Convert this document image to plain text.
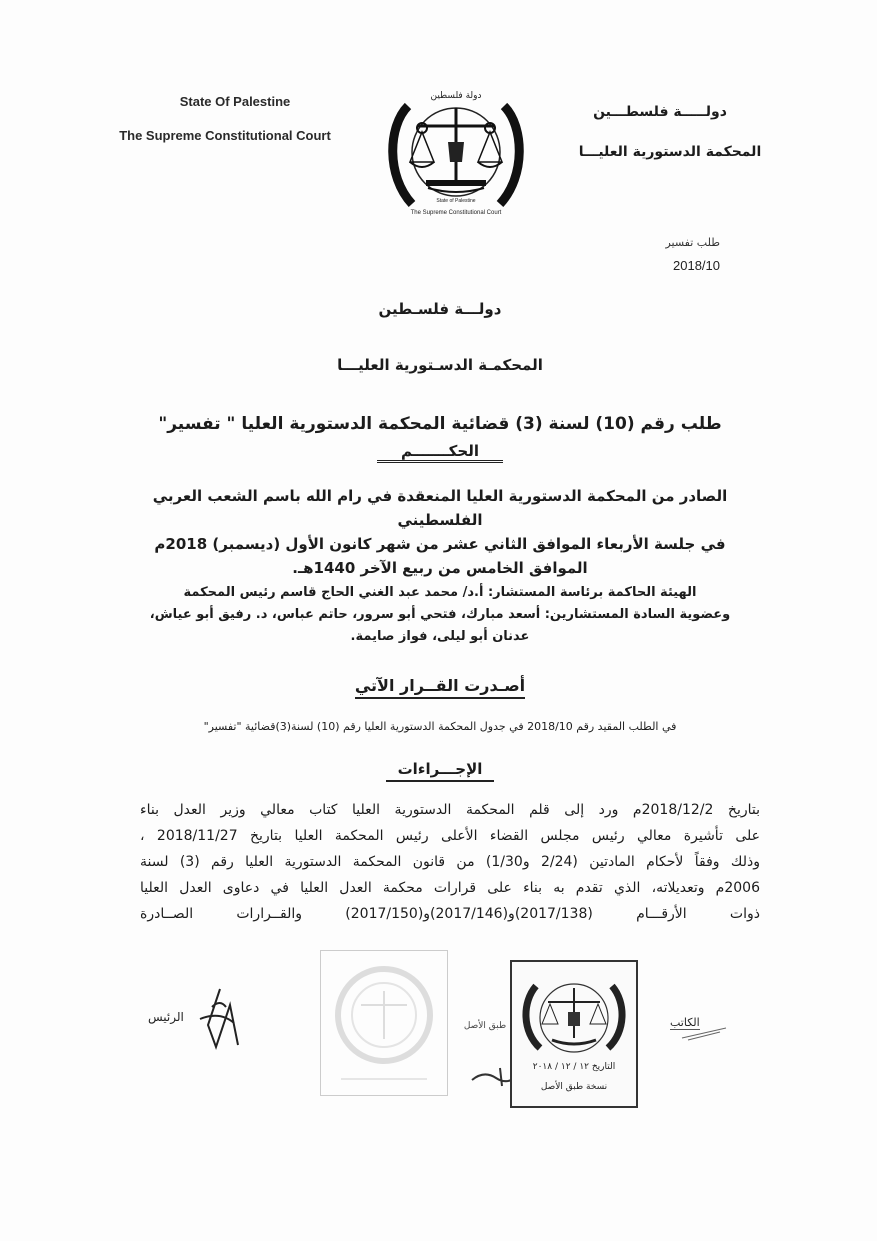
State Of Palestine
The Supreme Constitutional Court
دولة فلسطين
State of Palestine
The Supreme Constitutional Court
دولـــــة فلسطـــين
المحكمة الدستورية العليـــا
طلب تفسير
2018/10
دولـــة فلسـطين
المحكمـة الدسـتورية العليـــا
طلب رقم (10) لسنة (3) قضائية المحكمة الدستورية العليا " تفسير"
الحكـــــــم
الصادر من المحكمة الدستورية العليا المنعقدة في رام الله باسم الشعب العربي الفلسطيني
في جلسة الأربعاء الموافق الثاني عشر من شهر كانون الأول (ديسمبر) 2018م
الموافق الخامس من ربيع الآخر 1440هـ.
الهيئة الحاكمة برئاسة المستشار: أ.د/ محمد عبد الغني الحاج قاسم رئيس المحكمة
وعضوية السادة المستشارين: أسعد مبارك، فتحي أبو سرور، حاتم عباس، د. رفيق أبو عياش،
عدنان أبو ليلى، فواز صايمة.
أصـدرت القــرار الآتي
في الطلب المقيد رقم 2018/10 في جدول المحكمة الدستورية العليا رقم (10) لسنة(3)قضائية "تفسير"
الإجـــراءات
بتاريخ 2018/12/2م ورد إلى قلم المحكمة الدستورية العليا كتاب معالي وزير العدل بناء
على تأشيرة معالي رئيس مجلس القضاء الأعلى رئيس المحكمة العليا بتاريخ 2018/11/27 ،
وذلك وفقاً لأحكام المادتين (2/24 و1/30) من قانون المحكمة الدستورية العليا رقم (3) لسنة
2006م وتعديلاته، الذي تقدم به بناء على قرارات محكمة العدل العليا في دعاوى العدل العليا
ذوات الأرقـــام (2017/138)و(2017/146)و(2017/150) والقــرارات الصــادرة
الرئيس
طبق الأصل
التاريخ ١٢ / ١٢ / ٢٠١٨
نسخة طبق الأصل
الكاتب
